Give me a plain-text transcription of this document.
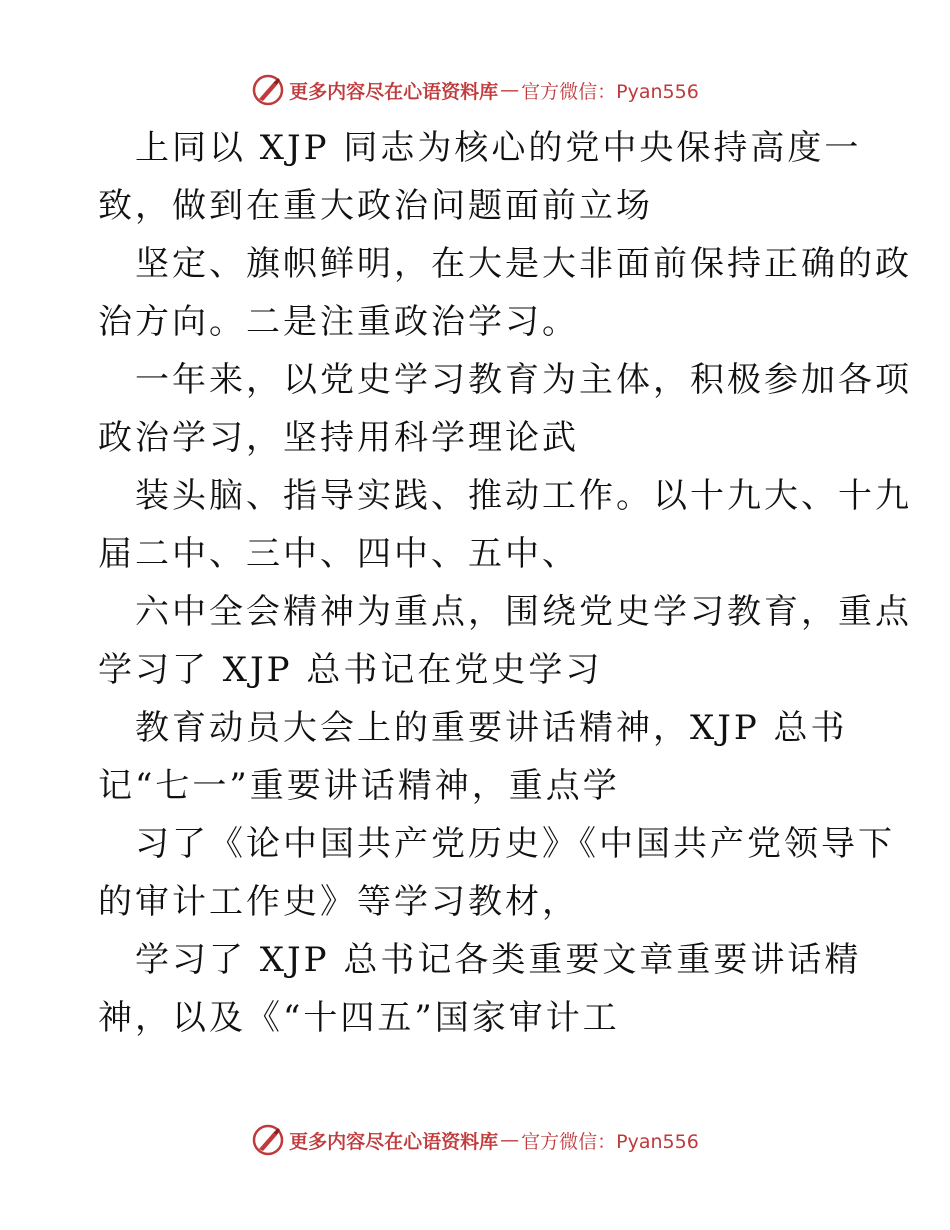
更多内容尽在心语资料库 — 官方微信：Pyan556
上同以 XJP 同志为核心的党中央保持高度一
致，做到在重大政治问题面前立场
坚定、旗帜鲜明，在大是大非面前保持正确的政
治方向。二是注重政治学习。
一年来，以党史学习教育为主体，积极参加各项
政治学习，坚持用科学理论武
装头脑、指导实践、推动工作。以十九大、十九
届二中、三中、四中、五中、
六中全会精神为重点，围绕党史学习教育，重点
学习了 XJP 总书记在党史学习
教育动员大会上的重要讲话精神，XJP 总书
记“七一”重要讲话精神，重点学
习了《论中国共产党历史》《中国共产党领导下
的审计工作史》等学习教材，
学习了 XJP 总书记各类重要文章重要讲话精
神，以及《“十四五”国家审计工
更多内容尽在心语资料库 — 官方微信：Pyan556
